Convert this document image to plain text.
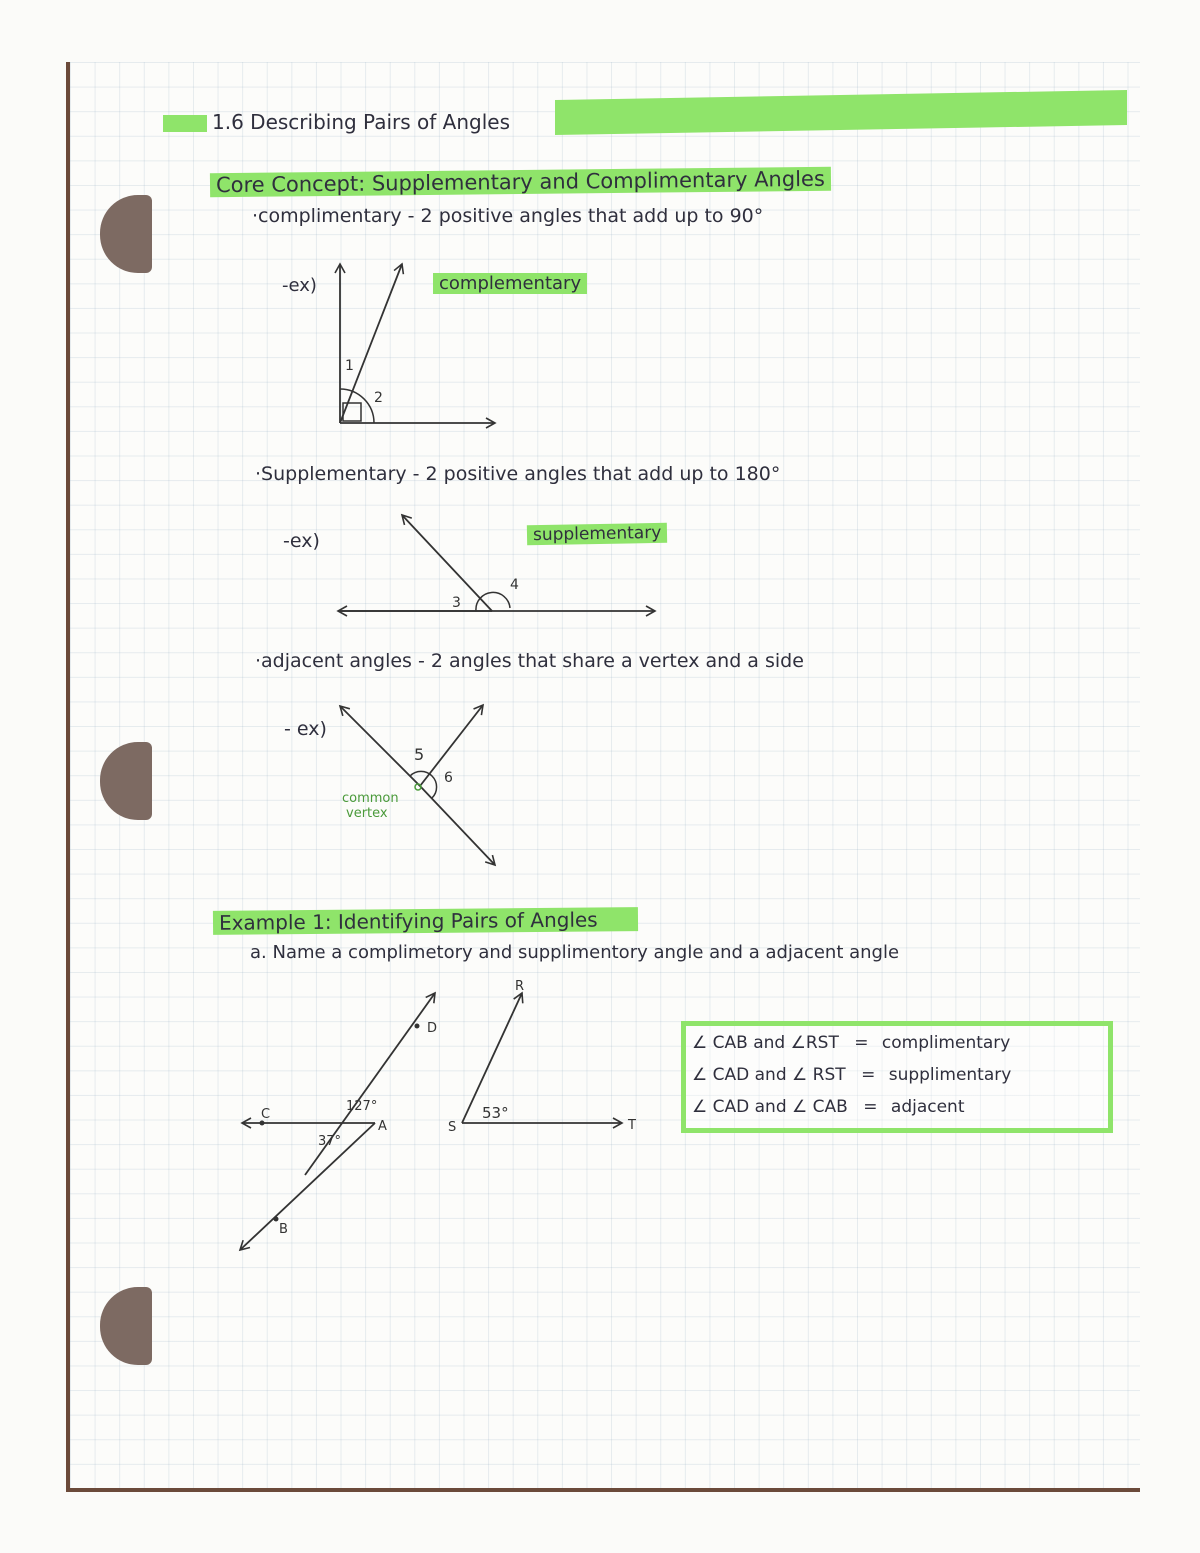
1.6 Describing Pairs of Angles
Core Concept: Supplementary and Complimentary Angles
·complimentary - 2 positive angles that add up to 90°
-ex)	complementary
·Supplementary - 2 positive angles that add up to 180°
-ex)	supplementary
·adjacent angles - 2 angles that share a vertex and a side
- ex)
Example 1: Identifying Pairs of Angles
a. Name a complimetory and supplimentory angle and a adjacent angle
∠ CAB and ∠RST = complimentary
∠ CAD and ∠ RST = supplimentary
∠ CAD and ∠ CAB = adjacent
1
2
3
4
5
6
C
D
A
B
R
S	T
127°
37°
53°
common
vertex
